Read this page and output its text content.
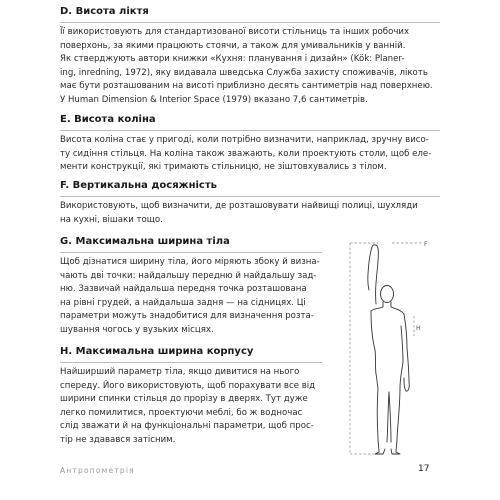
D. Висота ліктя
Її використовують для стандартизованої висоти стільниць та інших робочих
поверхонь, за якими працюють стоячи, а також для умивальників у ванній.
Як стверджують автори книжки «Кухня: планування і дизайн» (Kök: Planer-
ing, inredning, 1972), яку видавала шведська Служба захисту споживачів, лікоть
має бути розташованим на висоті приблизно десять сантиметрів над поверхнею.
У Human Dimension & Interior Space (1979) вказано 7,6 сантиметрів.
E. Висота коліна
Висота коліна стає у пригоді, коли потрібно визначити, наприклад, зручну висо-
ту сидіння стільця. На коліна також зважають, коли проектують столи, щоб еле-
менти конструкції, які тримають стільницю, не зіштовхувались з тілом.
F. Вертикальна досяжність
Використовують, щоб визначити, де розташовувати найвищі полиці, шухляди
на кухні, вішаки тощо.
G. Максимальна ширина тіла
Щоб дізнатися ширину тіла, його міряють збоку й визна-
чають дві точки: найдальшу передню й найдальшу зад-
ню. Зазвичай найдальша передня точка розташована
на рівні грудей, а найдальша задня — на сідницях. Ці
параметри можуть знадобитися для визначення розта-
шування чогось у вузьких місцях.
H. Максимальна ширина корпусу
Найширший параметр тіла, якщо дивитися на нього
спереду. Його використовують, щоб порахувати все від
ширини спинки стільця до прорізу в дверях. Тут дуже
легко помилитися, проектуючи меблі, бо ж водночас
слід зважати й на функціональні параметри, щоб прос-
тір не здавався затісним.
F
H
Антропометрія	17
